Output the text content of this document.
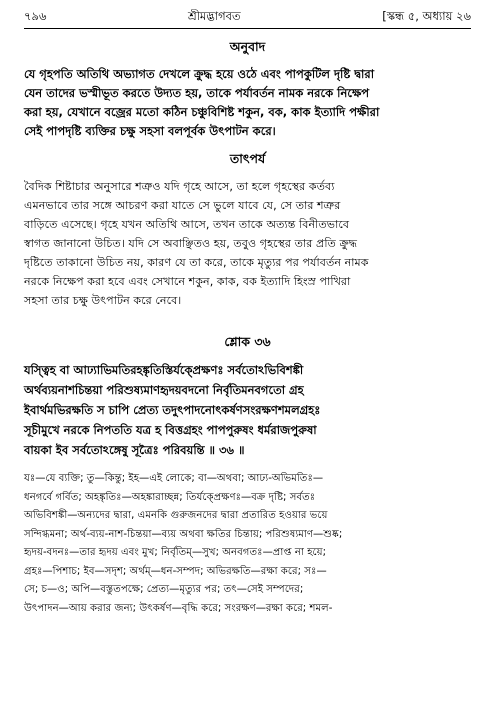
৭৯৬	শ্রীমদ্ভাগবত	[স্কন্ধ ৫, অধ্যায় ২৬
অনুবাদ

যে গৃহপতি অতিথি অভ্যাগত দেখলে ক্রুদ্ধ হয়ে ওঠে এবং পাপকুটিল দৃষ্টি দ্বারা

যেন তাদের ভস্মীভূত করতে উদ্যত হয়, তাকে পর্যাবর্তন নামক নরকে নিক্ষেপ

করা হয়, যেখানে বজ্রের মতো কঠিন চঞ্চুবিশিষ্ট শকুন, বক, কাক ইত্যাদি পক্ষীরা

সেই পাপদৃষ্টি ব্যক্তির চক্ষু সহসা বলপূর্বক উৎপাটন করে।

তাৎপর্য

বৈদিক শিষ্টাচার অনুসারে শত্রুও যদি গৃহে আসে, তা হলে গৃহস্থের কর্তব্য

এমনভাবে তার সঙ্গে আচরণ করা যাতে সে ভুলে যাবে যে, সে তার শত্রুর

বাড়িতে এসেছে। গৃহে যখন অতিথি আসে, তখন তাকে অত্যন্ত বিনীতভাবে

স্বাগত জানানো উচিত। যদি সে অবাঞ্ছিতও হয়, তবুও গৃহস্থের তার প্রতি ক্রুদ্ধ

দৃষ্টিতে তাকানো উচিত নয়, কারণ যে তা করে, তাকে মৃত্যুর পর পর্যাবর্তন নামক

নরকে নিক্ষেপ করা হবে এবং সেখানে শকুন, কাক, বক ইত্যাদি হিংস্র পাখিরা

সহসা তার চক্ষু উৎপাটন করে নেবে।

শ্লোক ৩৬

যস্ত্বিহ বা আঢ্যাভিমতিরহঙ্কৃতিস্তির্যক্প্রেক্ষণঃ সর্বতোঽভিবিশঙ্কী

অর্থব্যয়নাশচিন্তয়া পরিশুষ্যমাণহৃদয়বদনো নির্বৃতিমনবগতো গ্রহ

ইবার্থমভিরক্ষতি স চাপি প্রেত্য তদুৎপাদনোৎকর্ষণসংরক্ষণশমলগ্রহঃ

সূচীমুখে নরকে নিপততি যত্র হ বিত্তগ্রহং পাপপুরুষং ধর্মরাজপুরুষা

বায়কা ইব সর্বতোঽঙ্গেষু সূত্রৈঃ পরিবয়ন্তি ॥ ৩৬ ॥

যঃ—যে ব্যক্তি; তু—কিন্তু; ইহ—এই লোকে; বা—অথবা; আঢ্য-অভিমতিঃ—

ধনগর্বে গর্বিত; অহঙ্কৃতিঃ—অহঙ্কারাচ্ছন্ন; তির্যক্প্রেক্ষণঃ—বক্র দৃষ্টি; সর্বতঃ

অভিবিশঙ্কী—অন্যদের দ্বারা, এমনকি গুরুজনদের দ্বারা প্রতারিত হওয়ার ভয়ে

সন্দিগ্ধমনা; অর্থ-ব্যয়-নাশ-চিন্তয়া—ব্যয় অথবা ক্ষতির চিন্তায়; পরিশুষ্যমাণ—শুষ্ক;

হৃদয়-বদনঃ—তার হৃদয় এবং মুখ; নির্বৃতিম্—সুখ; অনবগতঃ—প্রাপ্ত না হয়ে;

গ্রহঃ—পিশাচ; ইব—সদৃশ; অর্থম্—ধন-সম্পদ; অভিরক্ষতি—রক্ষা করে; সঃ—

সে; চ—ও; অপি—বস্তুতপক্ষে; প্রেত্য—মৃত্যুর পর; তৎ—সেই সম্পদের;

উৎপাদন—আয় করার জন্য; উৎকর্ষণ—বৃদ্ধি করে; সংরক্ষণ—রক্ষা করে; শমল-
